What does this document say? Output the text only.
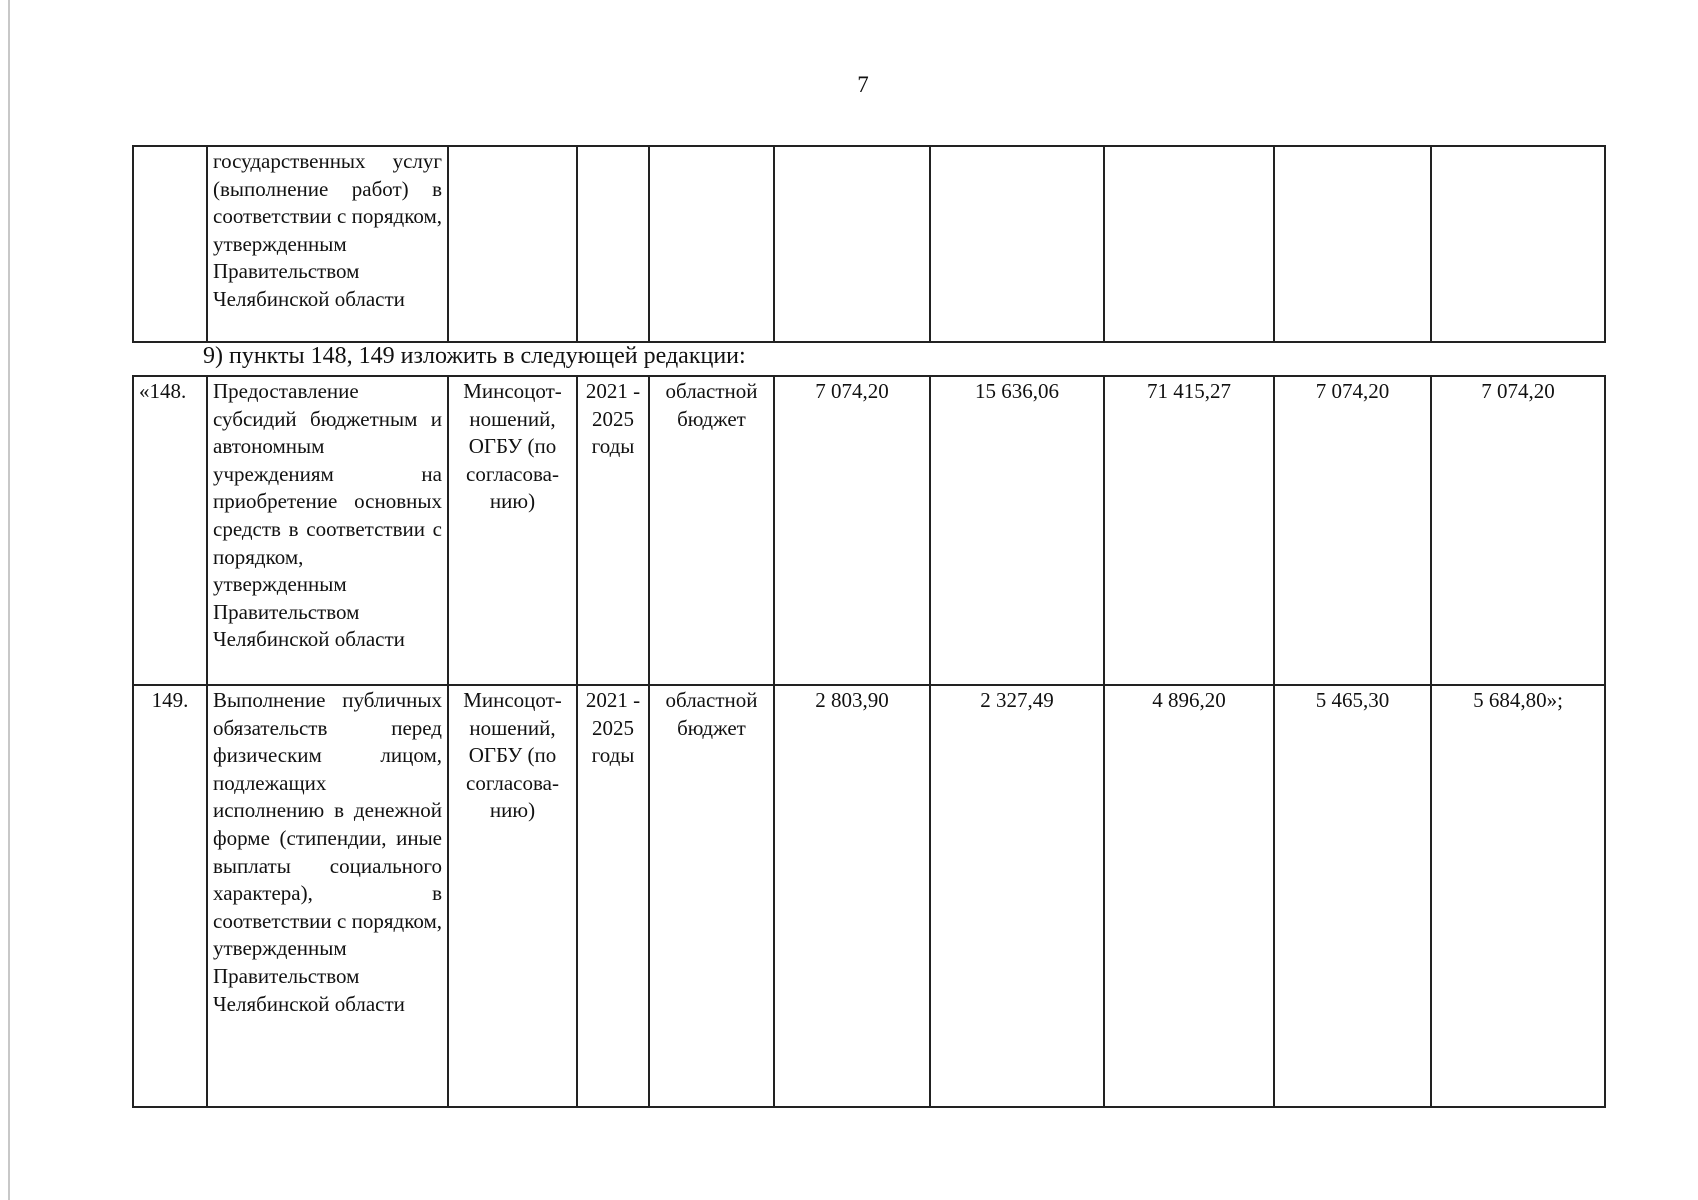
7
	государственных услуг (выполнение работ) в соответствии с порядком, утвержденным Правительством Челябинской области								
9) пункты 148, 149 изложить в следующей редакции:
«148.	Предоставление субсидий бюджетным и автономным учреждениям на приобретение основных средств в соответствии с порядком, утвержденным Правительством Челябинской области	Минсоцот-ношений, ОГБУ (по согласова-нию)	2021 - 2025 годы	областной бюджет	7 074,20	15 636,06	71 415,27	7 074,20	7 074,20
149.	Выполнение публичных обязательств перед физическим лицом, подлежащих исполнению в денежной форме (стипендии, иные выплаты социального характера), в соответствии с порядком, утвержденным Правительством Челябинской области	Минсоцот-ношений, ОГБУ (по согласова-нию)	2021 - 2025 годы	областной бюджет	2 803,90	2 327,49	4 896,20	5 465,30	5 684,80»;
